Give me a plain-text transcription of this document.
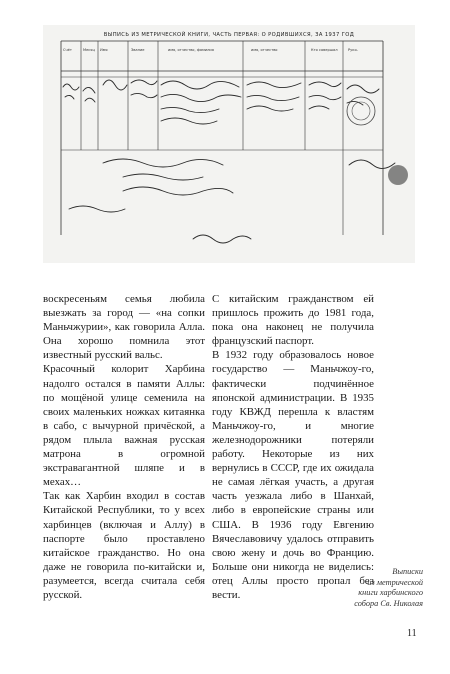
ВЫПИСЬ ИЗ МЕТРИЧЕСКОЙ КНИГИ, ЧАСТЬ ПЕРВАЯ: О РОДИВШИХСЯ, ЗА 1937 ГОД
Счёт	Месяц Имя	Звание	имя, отчество, фамилия	имя, отчество	Кто совершал	Руко-

воскресеньям семья любила выезжать за город — «на сопки Маньчжурии», как говорила Алла. Она хорошо помнила этот известный русский вальс.

Красочный колорит Харбина надолго остался в памяти Аллы: по мощёной улице семенила на своих маленьких ножках китаянка в сабо, с вычурной причёской, а рядом плыла важная русская матрона в огромной экстравагантной шляпе и в мехах…

Так как Харбин входил в состав Китайской Республики, то у всех харбинцев (включая и Аллу) в паспорте было проставлено китайское гражданство. Но она даже не говорила по-китайски и, разумеется, всегда считала себя русской.

С китайским гражданством ей пришлось прожить до 1981 года, пока она наконец не получила французский паспорт.

В 1932 году образовалось новое государство — Маньчжоу-го, фактически подчинённое японской администрации. В 1935 году КВЖД перешла к властям Маньчжоу-го, и многие железнодорожники потеряли работу. Некоторые из них вернулись в СССР, где их ожидала не самая лёгкая участь, а другая часть уезжала либо в Шанхай, либо в европейские страны или США. В 1936 году Евгению Вячеславовичу удалось отправить свою жену и дочь во Францию. Больше они никогда не виделись: отец Аллы просто пропал без вести.

Выписки
из метрической
книги харбинского
собора Св. Николая
11
